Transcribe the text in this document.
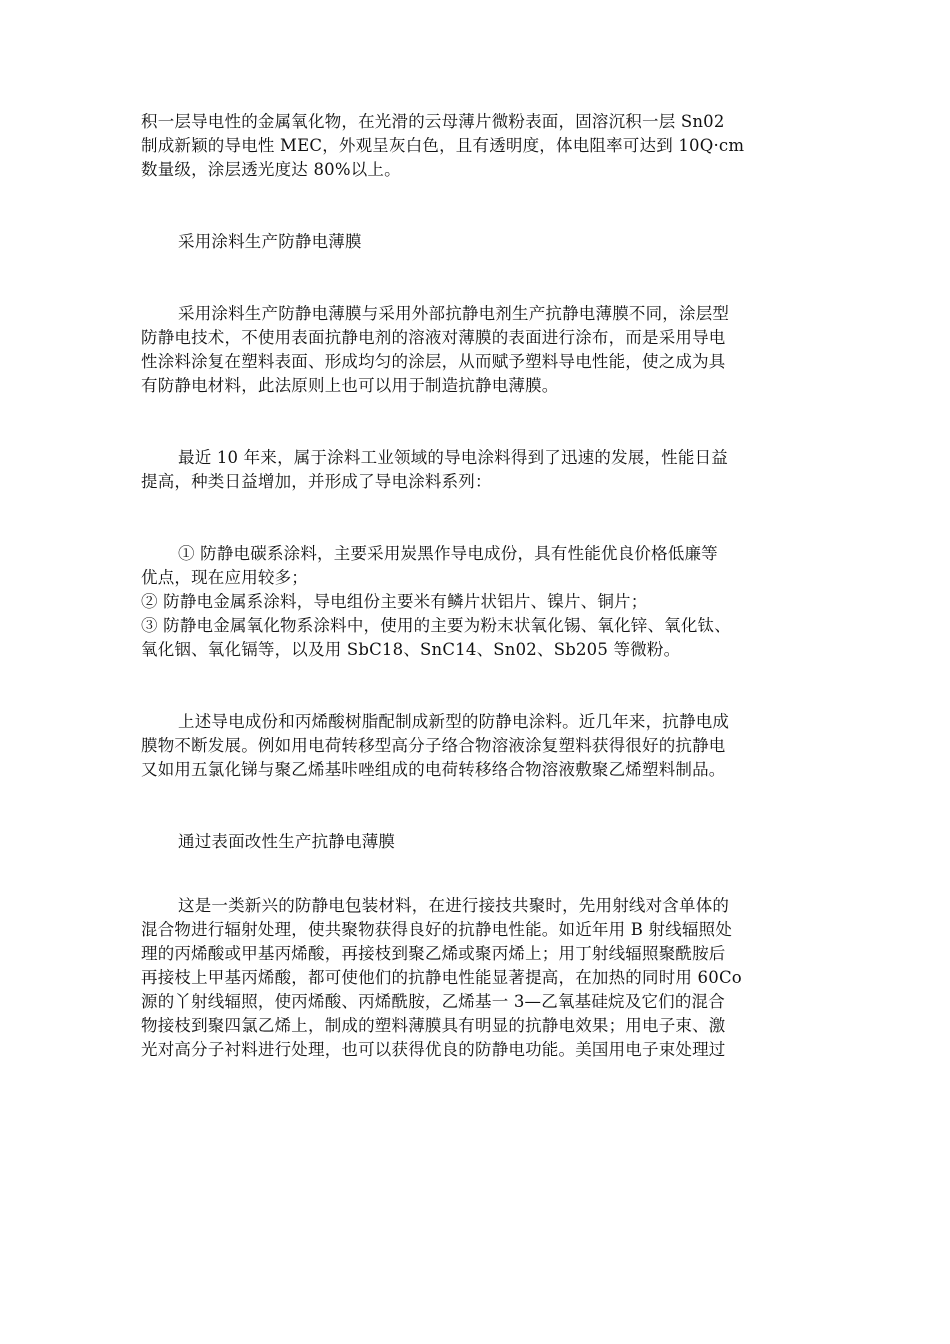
积一层导电性的金属氧化物，在光滑的云母薄片微粉表面，固溶沉积一层 Sn02
制成新颖的导电性 MEC，外观呈灰白色，且有透明度，体电阻率可达到 10Q·cm
数量级，涂层透光度达 80%以上。
采用涂料生产防静电薄膜
采用涂料生产防静电薄膜与采用外部抗静电剂生产抗静电薄膜不同，涂层型
防静电技术，不使用表面抗静电剂的溶液对薄膜的表面进行涂布，而是采用导电
性涂料涂复在塑料表面、形成均匀的涂层，从而赋予塑料导电性能，使之成为具
有防静电材料，此法原则上也可以用于制造抗静电薄膜。
最近 10 年来，属于涂料工业领域的导电涂料得到了迅速的发展，性能日益
提高，种类日益增加，并形成了导电涂料系列：
① 防静电碳系涂料，主要采用炭黑作导电成份，具有性能优良价格低廉等
优点，现在应用较多；
② 防静电金属系涂料，导电组份主要米有鳞片状铝片、镍片、铜片；
③ 防静电金属氧化物系涂料中，使用的主要为粉末状氧化锡、氧化锌、氧化钛、
氧化铟、氧化镉等，以及用 SbC18、SnC14、Sn02、Sb205 等微粉。
上述导电成份和丙烯酸树脂配制成新型的防静电涂料。近几年来，抗静电成
膜物不断发展。例如用电荷转移型高分子络合物溶液涂复塑料获得很好的抗静电
又如用五氯化锑与聚乙烯基咔唑组成的电荷转移络合物溶液敷聚乙烯塑料制品。
通过表面改性生产抗静电薄膜
这是一类新兴的防静电包装材料，在进行接技共聚时，先用射线对含单体的
混合物进行辐射处理，使共聚物获得良好的抗静电性能。如近年用 B 射线辐照处
理的丙烯酸或甲基丙烯酸，再接枝到聚乙烯或聚丙烯上；用丁射线辐照聚酰胺后
再接枝上甲基丙烯酸，都可使他们的抗静电性能显著提高，在加热的同时用 60Co
源的丫射线辐照，使丙烯酸、丙烯酰胺，乙烯基一 3—乙氧基硅烷及它们的混合
物接枝到聚四氯乙烯上，制成的塑料薄膜具有明显的抗静电效果；用电子束、激
光对高分子衬料进行处理，也可以获得优良的防静电功能。美国用电子束处理过
